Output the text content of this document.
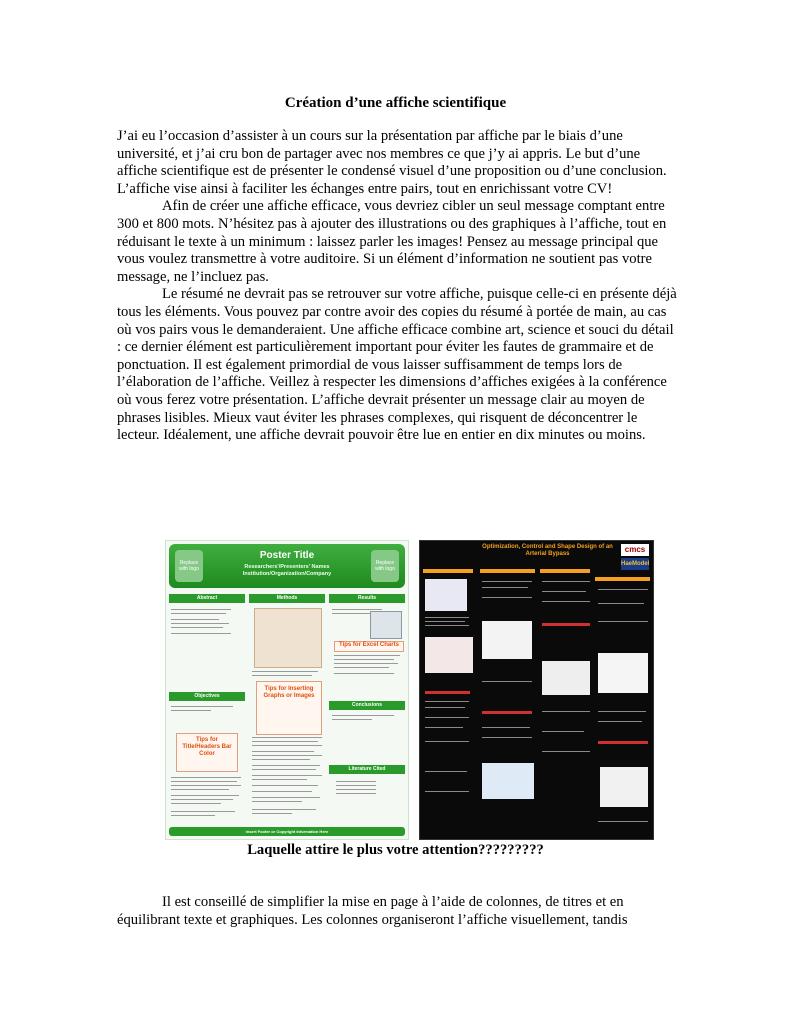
Création d’une affiche scientifique

J’ai eu l’occasion d’assister à un cours sur la présentation par affiche par le biais d’une université, et j’ai cru bon de partager avec nos membres ce que j’y ai appris. Le but d’une affiche scientifique est de présenter le condensé visuel d’une proposition ou d’une conclusion. L’affiche vise ainsi à faciliter les échanges entre pairs, tout en enrichissant votre CV!

Afin de créer une affiche efficace, vous devriez cibler un seul message comptant entre 300 et 800 mots. N’hésitez pas à ajouter des illustrations ou des graphiques à l’affiche, tout en réduisant le texte à un minimum : laissez parler les images! Pensez au message principal que vous voulez transmettre à votre auditoire. Si un élément d’information ne soutient pas votre message, ne l’incluez pas.

Le résumé ne devrait pas se retrouver sur votre affiche, puisque celle-ci en présente déjà tous les éléments. Vous pouvez par contre avoir des copies du résumé à portée de main, au cas où vos pairs vous le demanderaient. Une affiche efficace combine art, science et souci du détail : ce dernier élément est particulièrement important pour éviter les fautes de grammaire et de ponctuation. Il est également primordial de vous laisser suffisamment de temps lors de l’élaboration de l’affiche. Veillez à respecter les dimensions d’affiches exigées à la conférence où vous ferez votre présentation. L’affiche devrait présenter un message clair au moyen de phrases lisibles. Mieux vaut éviter les phrases complexes, qui risquent de déconcentrer le lecteur. Idéalement, une affiche devrait pouvoir être lue en entier en dix minutes ou moins.

Replace with logo
Poster Title
Researchers'/Presenters' Names
Institution/Organization/Company
Replace with logo
Abstract	Methods	Results
Tips for Excel Charts
Objectives
Tips for Inserting Graphs or Images
Tips for Title/Headers Bar Color
Conclusions
Literature Cited
Insert Footer or Copyright Information Here
Optimization, Control and Shape Design of an Arterial Bypass	cmcs
HaeModel
Laquelle attire le plus votre attention?????????

Il est conseillé de simplifier la mise en page à l’aide de colonnes, de titres et en équilibrant texte et graphiques. Les colonnes organiseront l’affiche visuellement, tandis
